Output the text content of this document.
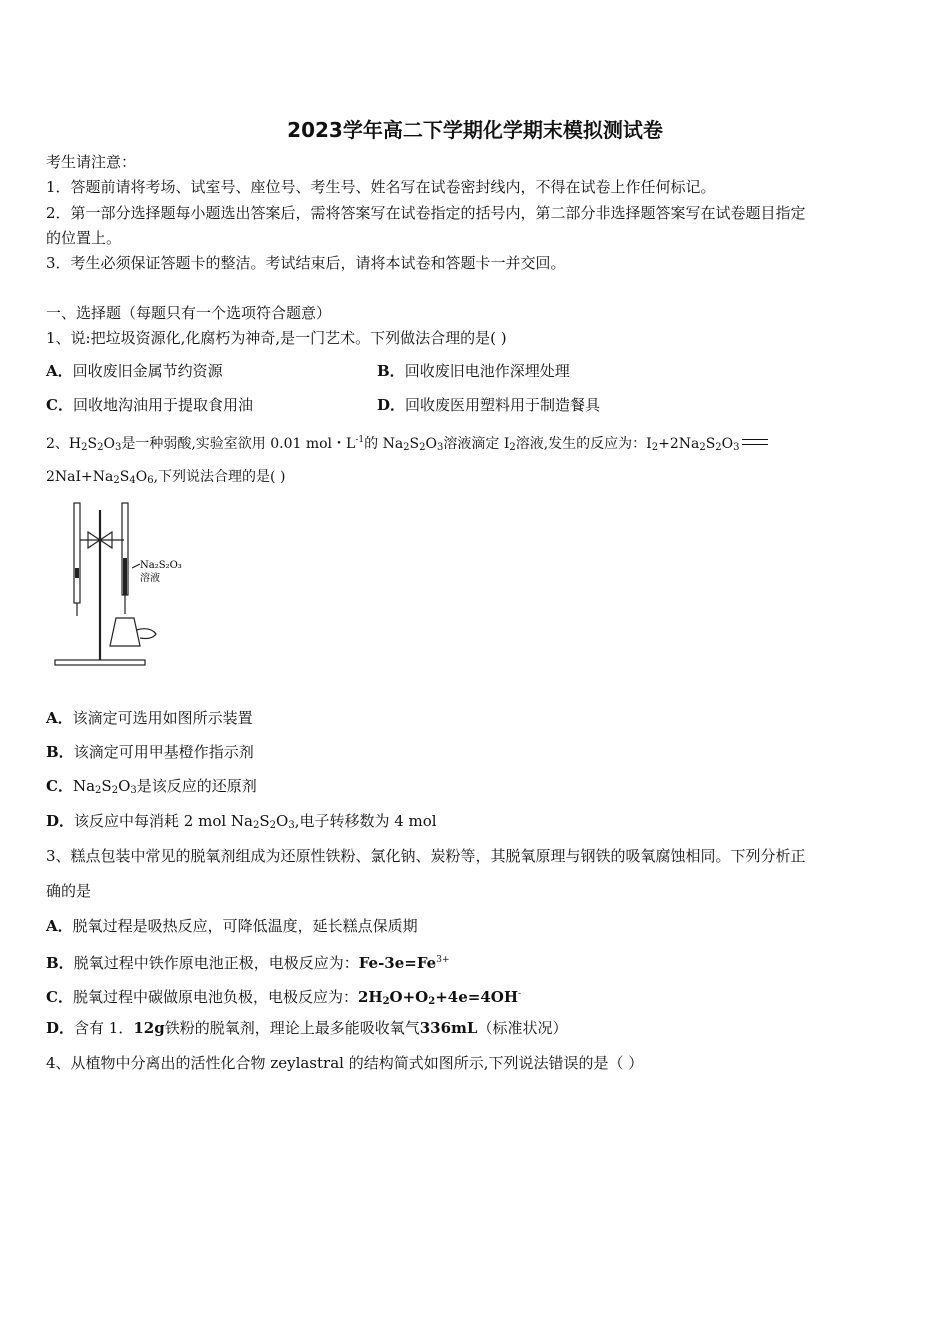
2023学年高二下学期化学期末模拟测试卷
考生请注意：
1．答题前请将考场、试室号、座位号、考生号、姓名写在试卷密封线内，不得在试卷上作任何标记。
2．第一部分选择题每小题选出答案后，需将答案写在试卷指定的括号内，第二部分非选择题答案写在试卷题目指定
的位置上。
3．考生必须保证答题卡的整洁。考试结束后，请将本试卷和答题卡一并交回。
一、选择题（每题只有一个选项符合题意）
1、说:把垃圾资源化,化腐朽为神奇,是一门艺术。下列做法合理的是( )
A．回收废旧金属节约资源	B．回收废旧电池作深埋处理
C．回收地沟油用于提取食用油	D．回收废医用塑料用于制造餐具
2、$H_2S_2O_3$是一种弱酸,实验室欲用 0.01 mol・$L^{-1}$的 $Na_2S_2O_3$溶液滴定 $I_2$溶液,发生的反应为：$I_2+2Na_2S_2O_3$
$2NaI+Na_2S_4O_6$,下列说法合理的是( )
Na₂S₂O₃
溶液
A．该滴定可选用如图所示装置
B．该滴定可用甲基橙作指示剂
C．$Na_2S_2O_3$是该反应的还原剂
D．该反应中每消耗 2 mol $Na_2S_2O_3$,电子转移数为 4 mol
3、糕点包装中常见的脱氧剂组成为还原性铁粉、氯化钠、炭粉等，其脱氧原理与钢铁的吸氧腐蚀相同。下列分析正
确的是
A．脱氧过程是吸热反应，可降低温度，延长糕点保质期
B．脱氧过程中铁作原电池正极，电极反应为：$Fe-3e=Fe^{3+}$
C．脱氧过程中碳做原电池负极，电极反应为：$2H_2O+O_2+4e=4OH^-$
D．含有 1．12g铁粉的脱氧剂，理论上最多能吸收氧气336mL（标准状况）
4、从植物中分离出的活性化合物 zeylastral 的结构简式如图所示,下列说法错误的是（ ）
